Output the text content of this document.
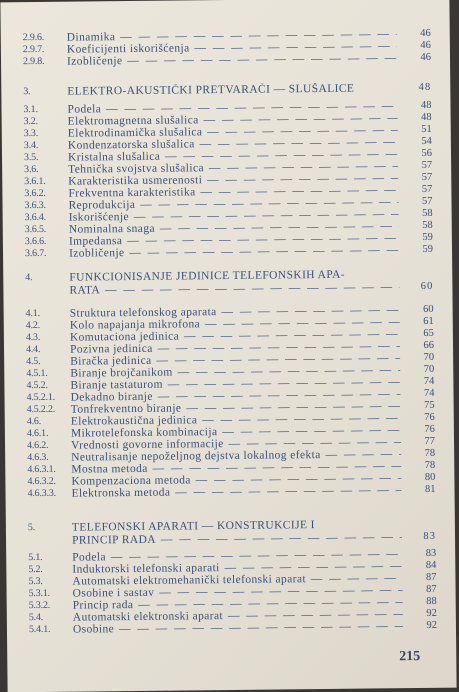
2.9.6.	Dinamika — — —	46
2.9.7.	Koeficijenti iskorišćenja — — —	46
2.9.8.	Izobličenje — — —	46
3.	ELEKTRO-AKUSTIČKI PRETVARAČI — SLUŠALICE	48
3.1.	Podela — — —	48
3.2.	Elektromagnetna slušalica — — —	48
3.3.	Elektrodinamička slušalica — — —	51
3.4.	Kondenzatorska slušalica — — —	54
3.5.	Kristalna slušalica — — —	56
3.6.	Tehnička svojstva slušalica — — —	57
3.6.1.	Karakteristika usmerenosti — — —	57
3.6.2.	Frekventna karakteristika — — —	57
3.6.3.	Reprodukcija — — —	57
3.6.4.	Iskorišćenje — — —	58
3.6.5.	Nominalna snaga — — —	58
3.6.6.	Impedansa — — —	59
3.6.7.	Izobličenje — — —	59
4.	FUNKCIONISANJE JEDINICE TELEFONSKIH APA-
RATA — — —	60
4.1.	Struktura telefonskog aparata — — —	60
4.2.	Kolo napajanja mikrofona — — —	61
4.3.	Komutaciona jedinica — — —	65
4.4.	Pozivna jedinica — — —	66
4.5.	Biračka jedinica — — —	70
4.5.1.	Biranje brojčanikom — — —	70
4.5.2.	Biranje tastaturom — — —	74
4.5.2.1.	Dekadno biranje — — —	74
4.5.2.2.	Tonfrekventno biranje — — —	75
4.6.	Elektrokaustična jedinica — — —	76
4.6.1.	Mikrotelefonska kombinacija — — —	76
4.6.2.	Vrednosti govorne informacije — — —	77
4.6.3.	Neutralisanje nepoželjnog dejstva lokalnog efekta — — —	78
4.6.3.1.	Mostna metoda — — —	78
4.6.3.2.	Kompenzaciona metoda — — —	80
4.6.3.3.	Elektronska metoda — — —	81
5.	TELEFONSKI APARATI — KONSTRUKCIJE I
PRINCIP RADA — — —	83
5.1.	Podela — — —	83
5.2.	Induktorski telefonski aparati — — —	84
5.3.	Automatski elektromehanički telefonski aparat — — —	87
5.3.1.	Osobine i sastav — — —	87
5.3.2.	Princip rada — — —	88
5.4.	Automatski elektronski aparat — — —	92
5.4.1.	Osobine — — —	92
215
